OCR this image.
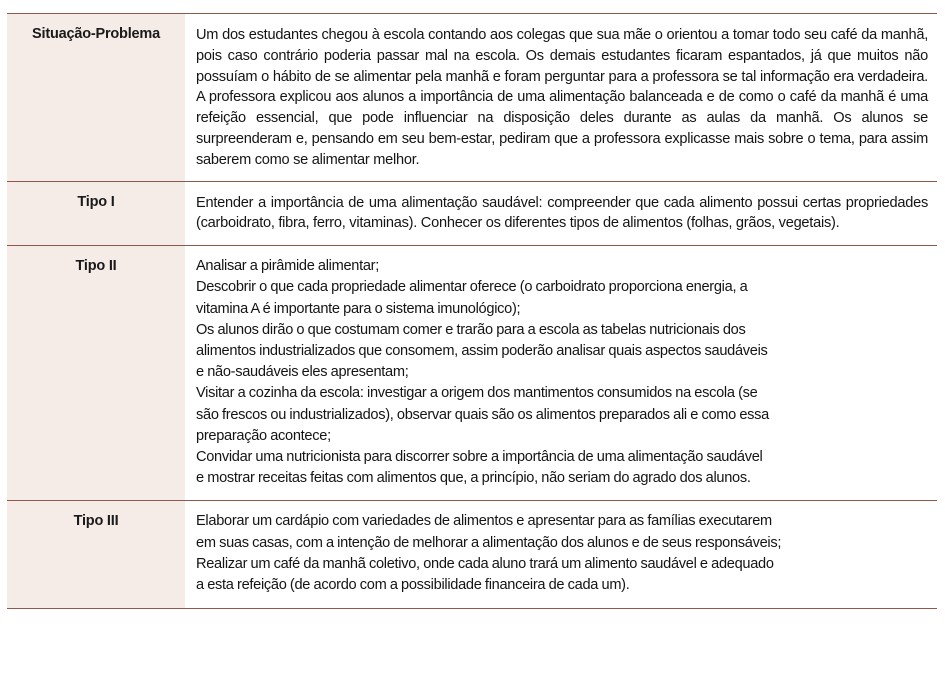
Situação-Problema	Um dos estudantes chegou à escola contando aos colegas que sua mãe o orientou a tomar todo seu café da manhã, pois caso contrário poderia passar mal na escola. Os demais estudantes ficaram espantados, já que muitos não possuíam o hábito de se alimentar pela manhã e foram perguntar para a professora se tal informação era verdadeira. A professora explicou aos alunos a importância de uma alimentação balanceada e de como o café da manhã é uma refeição essencial, que pode influenciar na disposição deles durante as aulas da manhã. Os alunos se surpreenderam e, pensando em seu bem-estar, pediram que a professora explicasse mais sobre o tema, para assim saberem como se alimentar melhor.

Tipo I	Entender a importância de uma alimentação saudável: compreender que cada alimento possui certas propriedades (carboidrato, fibra, ferro, vitaminas). Conhecer os diferentes tipos de alimentos (folhas, grãos, vegetais).

Tipo II	Analisar a pirâmide alimentar;
Descobrir o que cada propriedade alimentar oferece (o carboidrato proporciona energia, a
vitamina A é importante para o sistema imunológico);
Os alunos dirão o que costumam comer e trarão para a escola as tabelas nutricionais dos
alimentos industrializados que consomem, assim poderão analisar quais aspectos saudáveis
e não-saudáveis eles apresentam;
Visitar a cozinha da escola: investigar a origem dos mantimentos consumidos na escola (se
são frescos ou industrializados), observar quais são os alimentos preparados ali e como essa
preparação acontece;
Convidar uma nutricionista para discorrer sobre a importância de uma alimentação saudável
e mostrar receitas feitas com alimentos que, a princípio, não seriam do agrado dos alunos.

Tipo III	Elaborar um cardápio com variedades de alimentos e apresentar para as famílias executarem
em suas casas, com a intenção de melhorar a alimentação dos alunos e de seus responsáveis;
Realizar um café da manhã coletivo, onde cada aluno trará um alimento saudável e adequado
a esta refeição (de acordo com a possibilidade financeira de cada um).
